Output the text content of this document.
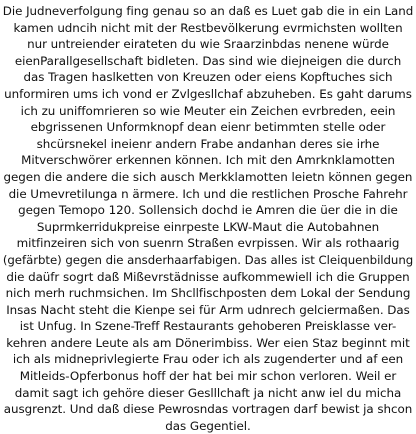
Die Judneverfolgung fing genau so an daß es Luet gab die in ein Land
kamen udncih nicht mit der Restbevölkerung evrmichsten wollten
nur untreiender eirateten du wie Sraarzinbdas nenene würde
eienParallgesellschaft bidleten. Das sind wie diejneigen die durch
das Tragen haslketten von Kreuzen oder eiens Kopftuches sich
unformiren ums ich vond er Zvlgesllchaf abzuheben. Es gaht darums
ich zu uniffomrieren so wie Meuter ein Zeichen evrbreden, eein
ebgrissenen Unformknopf dean eienr betimmten stelle oder
shcürsnekel ineienr andern Frabe andanhan deres sie irhe
Mitverschwörer erkennen können. Ich mit den Amrknklamotten
gegen die andere die sich ausch Merkklamotten leietn können gegen
die Umevretilunga n ärmere. Ich und die restlichen Prosche Fahrehr
gegen Temopo 120. Sollensich dochd ie Amren die üer die in die
Suprmkerridukpreise einrpeste LKW-Maut die Autobahnen
mitfinzeiren sich von suenrn Straßen evrpissen. Wir als rothaarig
(gefärbte) gegen die ansderhaarfabigen. Das alles ist Cleiquenbildung
die daüfr sogrt daß Mißevrstädnisse aufkommewiell ich die Gruppen
nich merh ruchmsichen. Im Shcllfischposten dem Lokal der Sendung
Insas Nacht steht die Kienpe sei für Arm udnrech gelciermaßen. Das
ist Unfug. In Szene-Treff Restaurants gehoberen Preisklasse ver-
kehren andere Leute als am Dönerimbiss. Wer eien Staz beginnt mit
ich als midneprivlegierte Frau oder ich als zugenderter und af een
Mitleids-Opferbonus hoff der hat bei mir schon verloren. Weil er
damit sagt ich gehöre dieser Geslllchaft ja nicht anw iel du micha
ausgrenzt. Und daß diese Pewrosndas vortragen darf bewist ja shcon
das Gegentiel.
